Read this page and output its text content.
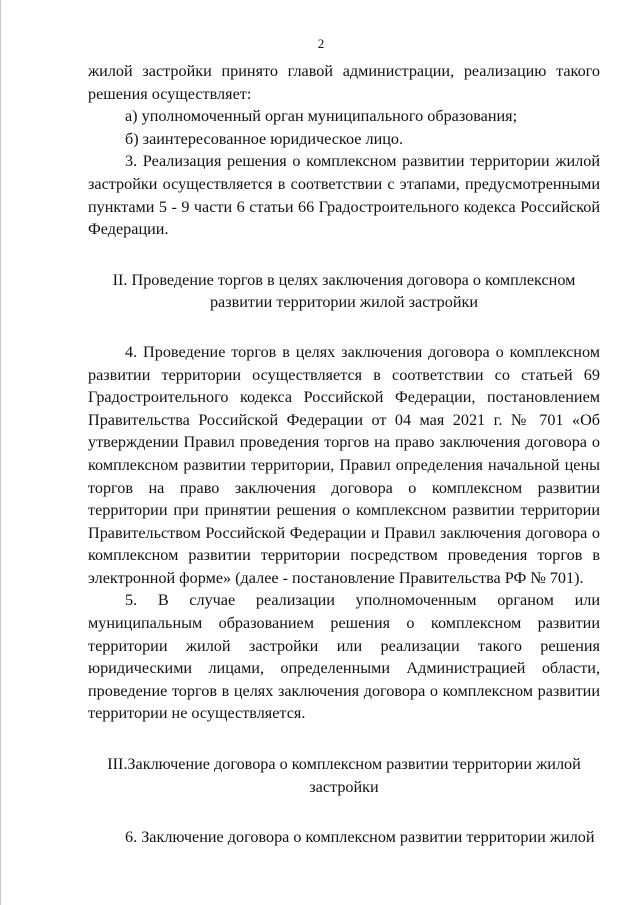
2

жилой застройки принято главой администрации, реализацию такого решения осуществляет:

а) уполномоченный орган муниципального образования;

б) заинтересованное юридическое лицо.

3. Реализация решения о комплексном развитии территории жилой застройки осуществляется в соответствии с этапами, предусмотренными пунктами 5 - 9 части 6 статьи 66 Градостроительного кодекса Российской Федерации.

II. Проведение торгов в целях заключения договора о комплексном развитии территории жилой застройки

4. Проведение торгов в целях заключения договора о комплексном развитии территории осуществляется в соответствии со статьей 69 Градостроительного кодекса Российской Федерации, постановлением Правительства Российской Федерации от 04 мая 2021 г. № 701 «Об утверждении Правил проведения торгов на право заключения договора о комплексном развитии территории, Правил определения начальной цены торгов на право заключения договора о комплексном развитии территории при принятии решения о комплексном развитии территории Правительством Российской Федерации и Правил заключения договора о комплексном развитии территории посредством проведения торгов в электронной форме» (далее - постановление Правительства РФ № 701).

5. В случае реализации уполномоченным органом или муниципальным образованием решения о комплексном развитии территории жилой застройки или реализации такого решения юридическими лицами, определенными Администрацией области, проведение торгов в целях заключения договора о комплексном развитии территории не осуществляется.

III.Заключение договора о комплексном развитии территории жилой застройки

6. Заключение договора о комплексном развитии территории жилой
